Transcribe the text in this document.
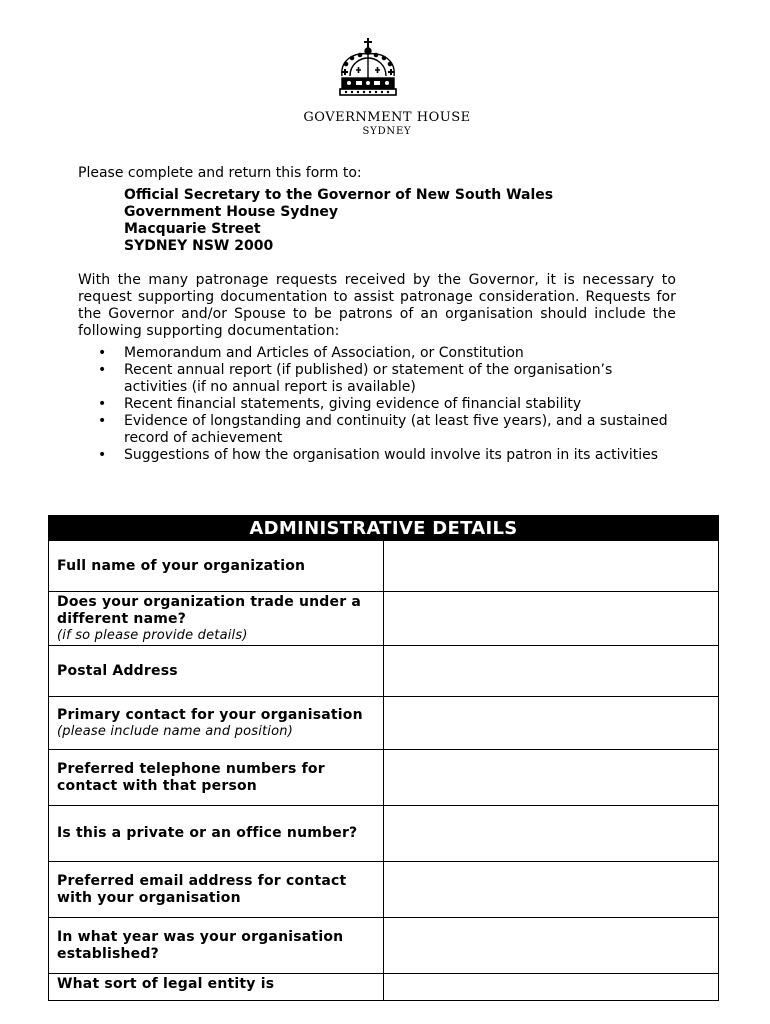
GOVERNMENT HOUSE
SYDNEY
Please complete and return this form to:
Official Secretary to the Governor of New South Wales
Government House Sydney
Macquarie Street
SYDNEY NSW 2000
With the many patronage requests received by the Governor, it is necessary to request supporting documentation to assist patronage consideration. Requests for the Governor and/or Spouse to be patrons of an organisation should include the following supporting documentation:
• Memorandum and Articles of Association, or Constitution
• Recent annual report (if published) or statement of the organisation’s activities (if no annual report is available)
• Recent financial statements, giving evidence of financial stability
• Evidence of longstanding and continuity (at least five years), and a sustained record of achievement
• Suggestions of how the organisation would involve its patron in its activities
ADMINISTRATIVE DETAILS	
Full name of your organization	
Does your organization trade under a different name?
(if so please provide details)	

Postal Address	
Primary contact for your organisation
(please include name and position)	

Preferred telephone numbers for contact with that person	
Is this a private or an office number?	
Preferred email address for contact with your organisation	
In what year was your organisation established?	
What sort of legal entity is	
